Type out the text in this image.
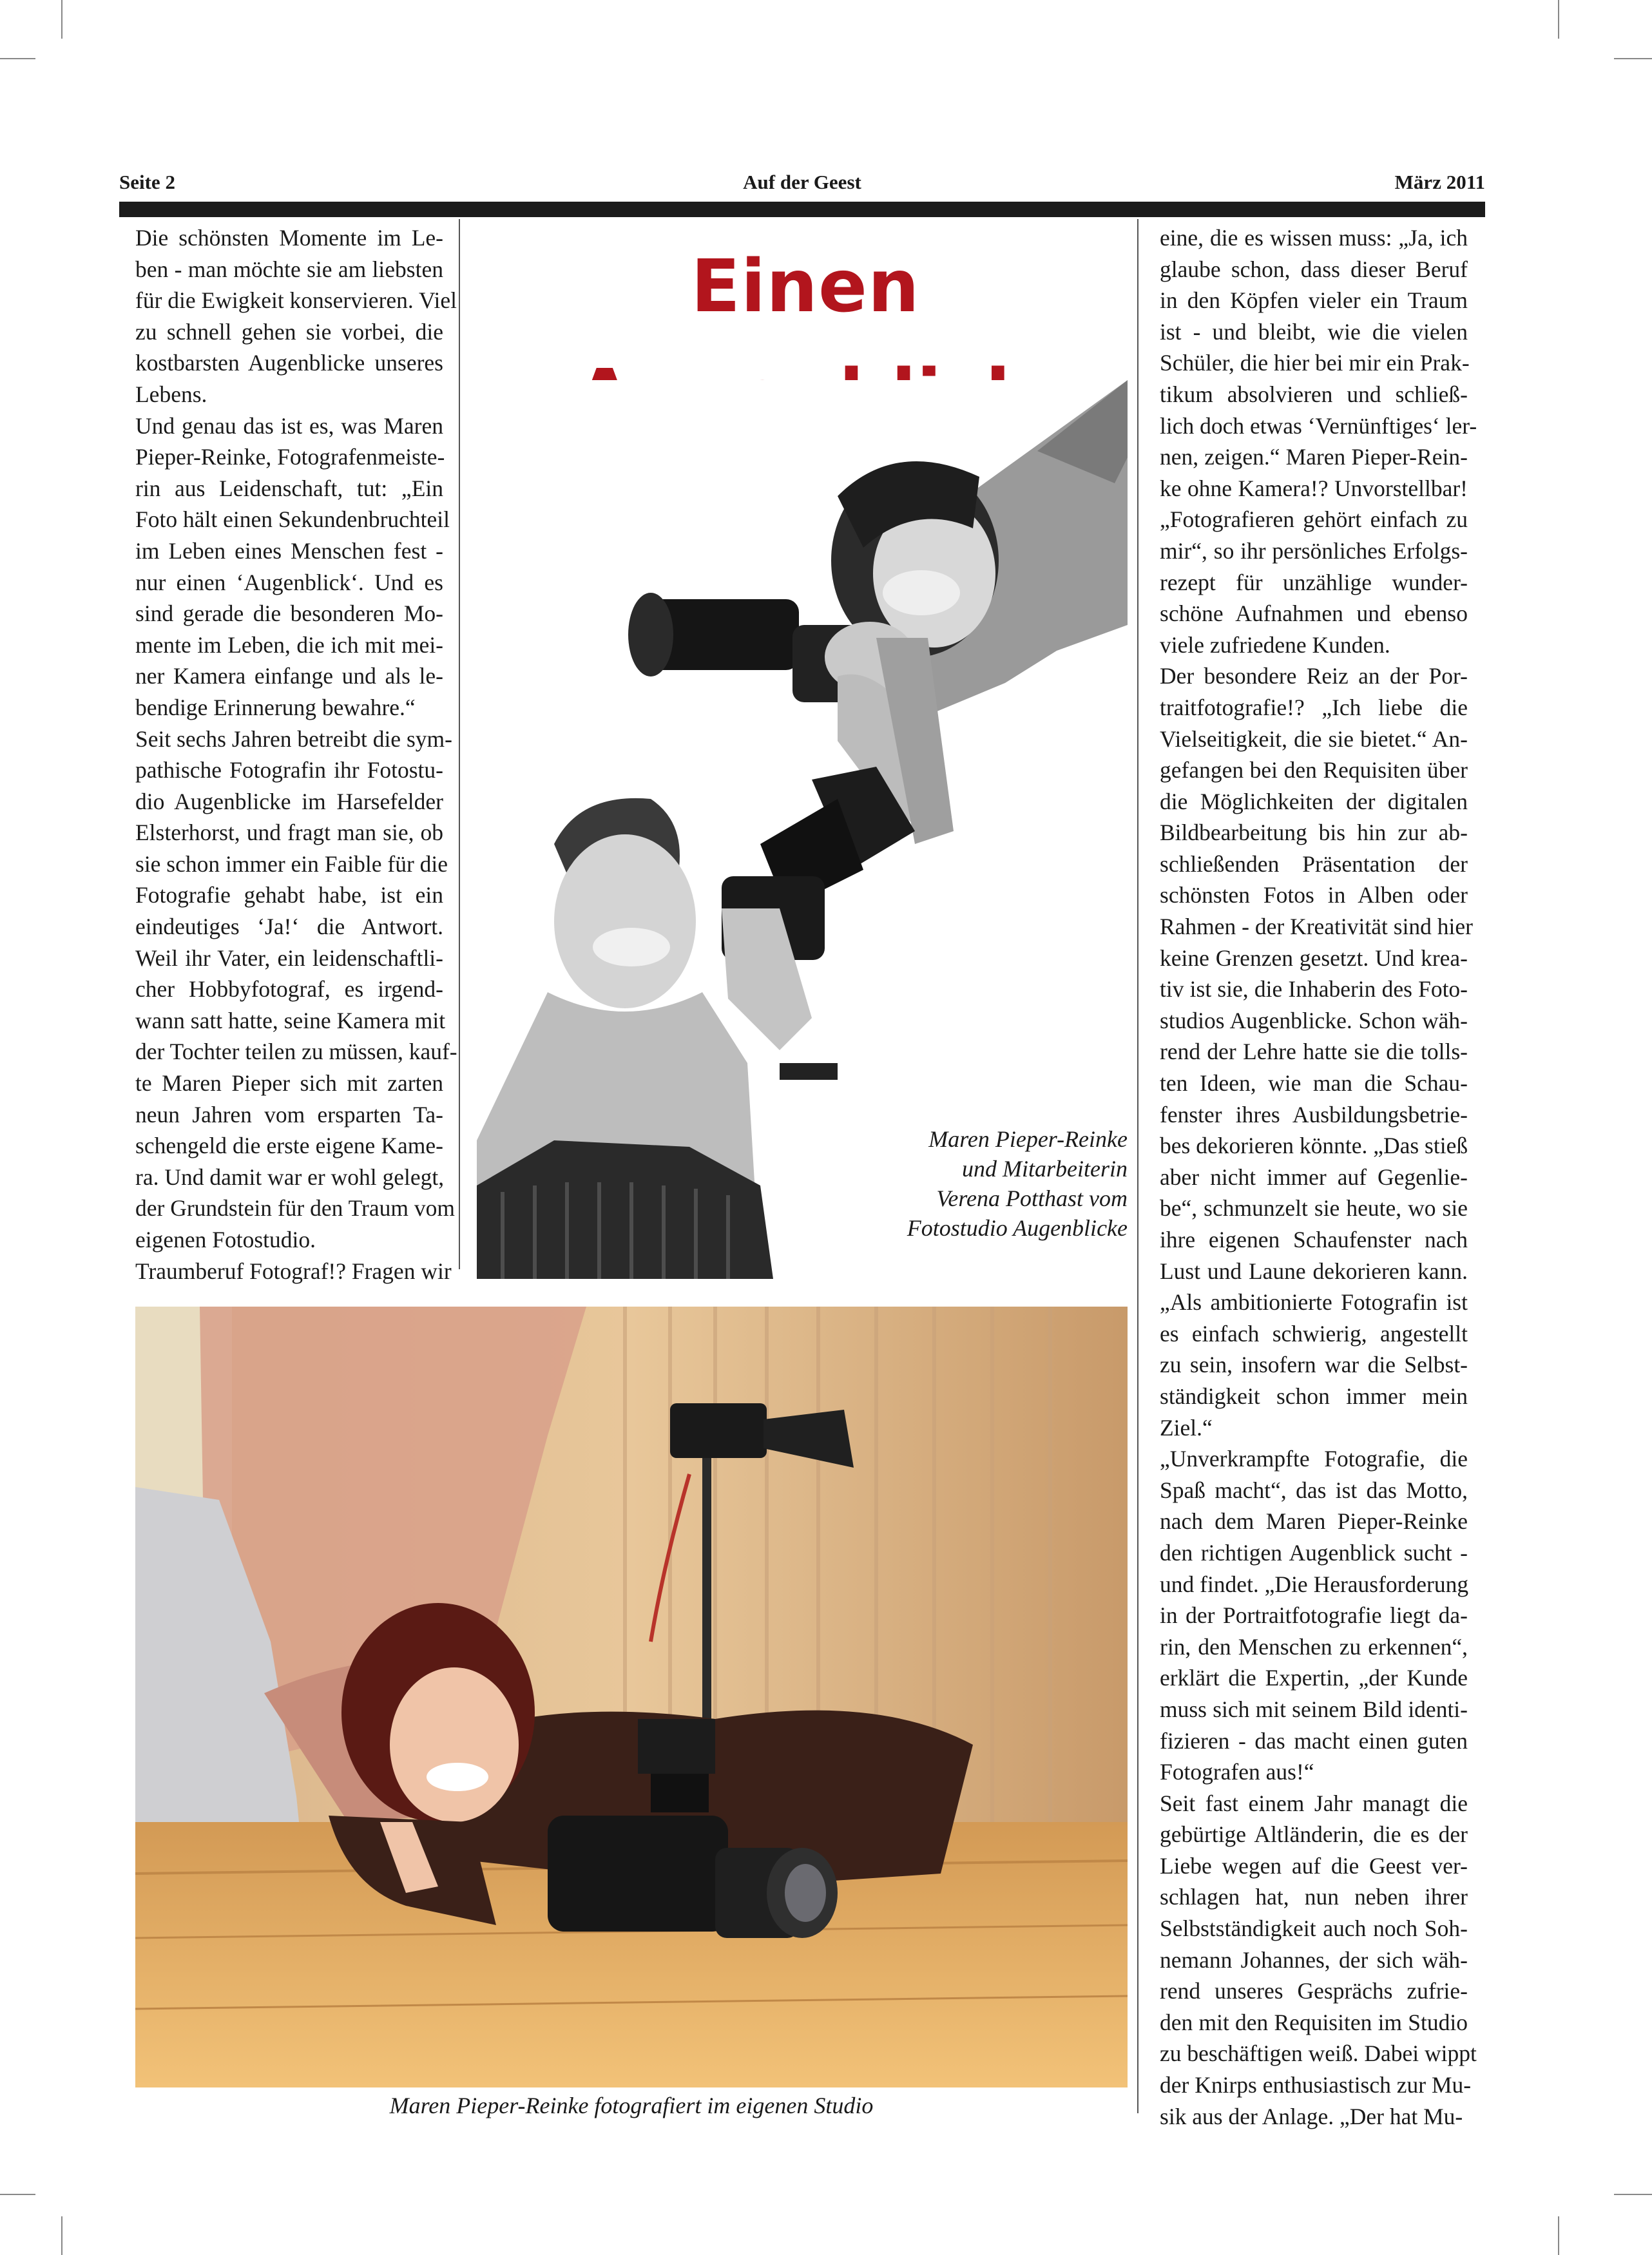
Seite 2	Auf der Geest	März 2011
Die schönsten Momente im Le-
ben - man möchte sie am liebsten
für die Ewigkeit konservieren. Viel
zu schnell gehen sie vorbei, die
kostbarsten Augenblicke unseres
Lebens.
Und genau das ist es, was Maren
Pieper-Reinke, Fotografenmeiste-
rin aus Leidenschaft, tut: „Ein
Foto hält einen Sekundenbruchteil
im Leben eines Menschen fest -
nur einen ‘Augenblick‘. Und es
sind gerade die besonderen Mo-
mente im Leben, die ich mit mei-
ner Kamera einfange und als le-
bendige Erinnerung bewahre.“
Seit sechs Jahren betreibt die sym-
pathische Fotografin ihr Fotostu-
dio Augenblicke im Harsefelder
Elsterhorst, und fragt man sie, ob
sie schon immer ein Faible für die
Fotografie gehabt habe, ist ein
eindeutiges ‘Ja!‘ die Antwort.
Weil ihr Vater, ein leidenschaftli-
cher Hobbyfotograf, es irgend-
wann satt hatte, seine Kamera mit
der Tochter teilen zu müssen, kauf-
te Maren Pieper sich mit zarten
neun Jahren vom ersparten Ta-
schengeld die erste eigene Kame-
ra. Und damit war er wohl gelegt,
der Grundstein für den Traum vom
eigenen Fotostudio.
Traumberuf Fotograf!? Fragen wir
eine, die es wissen muss: „Ja, ich
glaube schon, dass dieser Beruf
in den Köpfen vieler ein Traum
ist - und bleibt, wie die vielen
Schüler, die hier bei mir ein Prak-
tikum absolvieren und schließ-
lich doch etwas ‘Vernünftiges‘ ler-
nen, zeigen.“ Maren Pieper-Rein-
ke ohne Kamera!? Unvorstellbar!
„Fotografieren gehört einfach zu
mir“, so ihr persönliches Erfolgs-
rezept für unzählige wunder-
schöne Aufnahmen und ebenso
viele zufriedene Kunden.
Der besondere Reiz an der Por-
traitfotografie!? „Ich liebe die
Vielseitigkeit, die sie bietet.“ An-
gefangen bei den Requisiten über
die Möglichkeiten der digitalen
Bildbearbeitung bis hin zur ab-
schließenden Präsentation der
schönsten Fotos in Alben oder
Rahmen - der Kreativität sind hier
keine Grenzen gesetzt. Und krea-
tiv ist sie, die Inhaberin des Foto-
studios Augenblicke. Schon wäh-
rend der Lehre hatte sie die tolls-
ten Ideen, wie man die Schau-
fenster ihres Ausbildungsbetrie-
bes dekorieren könnte. „Das stieß
aber nicht immer auf Gegenlie-
be“, schmunzelt sie heute, wo sie
ihre eigenen Schaufenster nach
Lust und Laune dekorieren kann.
„Als ambitionierte Fotografin ist
es einfach schwierig, angestellt
zu sein, insofern war die Selbst-
ständigkeit schon immer mein
Ziel.“
„Unverkrampfte Fotografie, die
Spaß macht“, das ist das Motto,
nach dem Maren Pieper-Reinke
den richtigen Augenblick sucht -
und findet. „Die Herausforderung
in der Portraitfotografie liegt da-
rin, den Menschen zu erkennen“,
erklärt die Expertin, „der Kunde
muss sich mit seinem Bild identi-
fizieren - das macht einen guten
Fotografen aus!“
Seit fast einem Jahr managt die
gebürtige Altländerin, die es der
Liebe wegen auf die Geest ver-
schlagen hat, nun neben ihrer
Selbstständigkeit auch noch Soh-
nemann Johannes, der sich wäh-
rend unseres Gesprächs zufrie-
den mit den Requisiten im Studio
zu beschäftigen weiß. Dabei wippt
der Knirps enthusiastisch zur Mu-
sik aus der Anlage. „Der hat Mu-
Einen
Maren Pieper-Reinke
und Mitarbeiterin
Verena Potthast vom
Fotostudio Augenblicke
Maren Pieper-Reinke fotografiert im eigenen Studio
